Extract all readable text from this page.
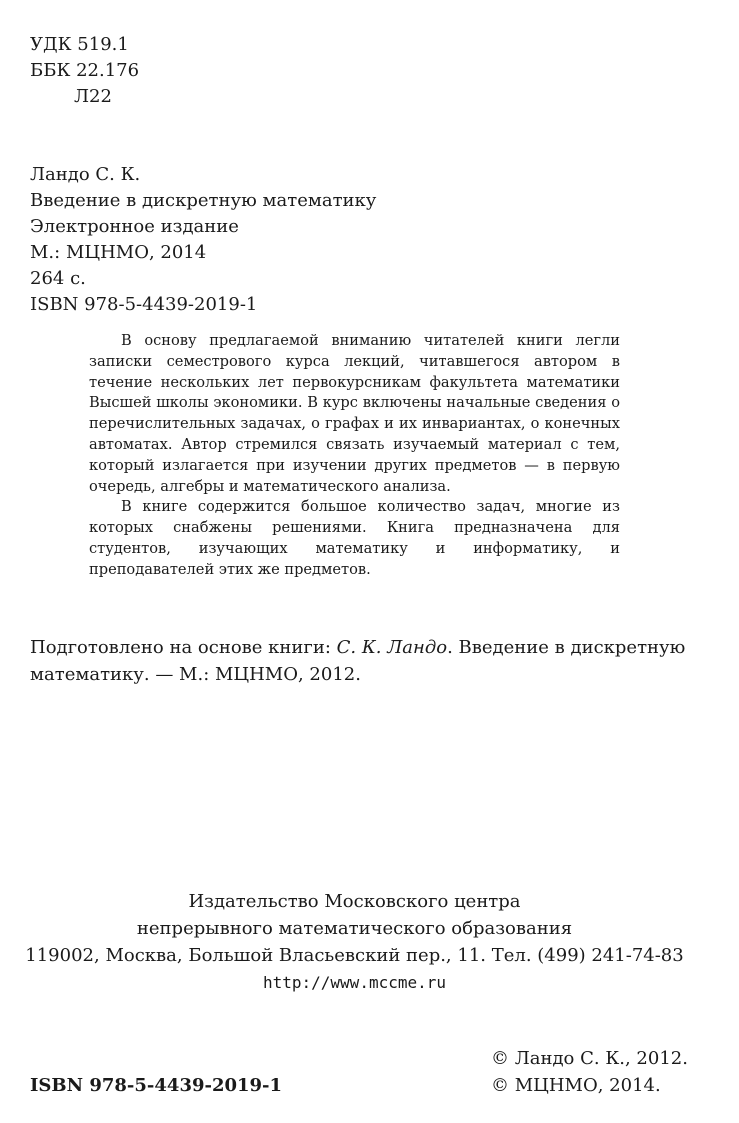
УДК 519.1
ББК 22.176
Л22
Ландо С. К.
Введение в дискретную математику
Электронное издание
М.: МЦНМО, 2014
264 с.
ISBN 978-5-4439-2019-1

В основу предлагаемой вниманию читателей книги легли записки семестрового курса лекций, читавшегося автором в течение нескольких лет первокурсникам факультета математики Высшей школы экономики. В курс включены начальные сведения о перечислительных задачах, о графах и их инвариантах, о конечных автоматах. Автор стремился связать изучаемый материал с тем, который излагается при изучении других предметов — в первую очередь, алгебры и математического анализа.

В книге содержится большое количество задач, многие из которых снабжены решениями. Книга предназначена для студентов, изучающих математику и информатику, и преподавателей этих же предметов.

Подготовлено на основе книги: С. К. Ландо. Введение в дискретную математику. — М.: МЦНМО, 2012.
Издательство Московского центра
непрерывного математического образования
119002, Москва, Большой Власьевский пер., 11. Тел. (499) 241-74-83
http://www.mccme.ru
ISBN 978-5-4439-2019-1
© Ландо С. К., 2012.
© МЦНМО, 2014.
